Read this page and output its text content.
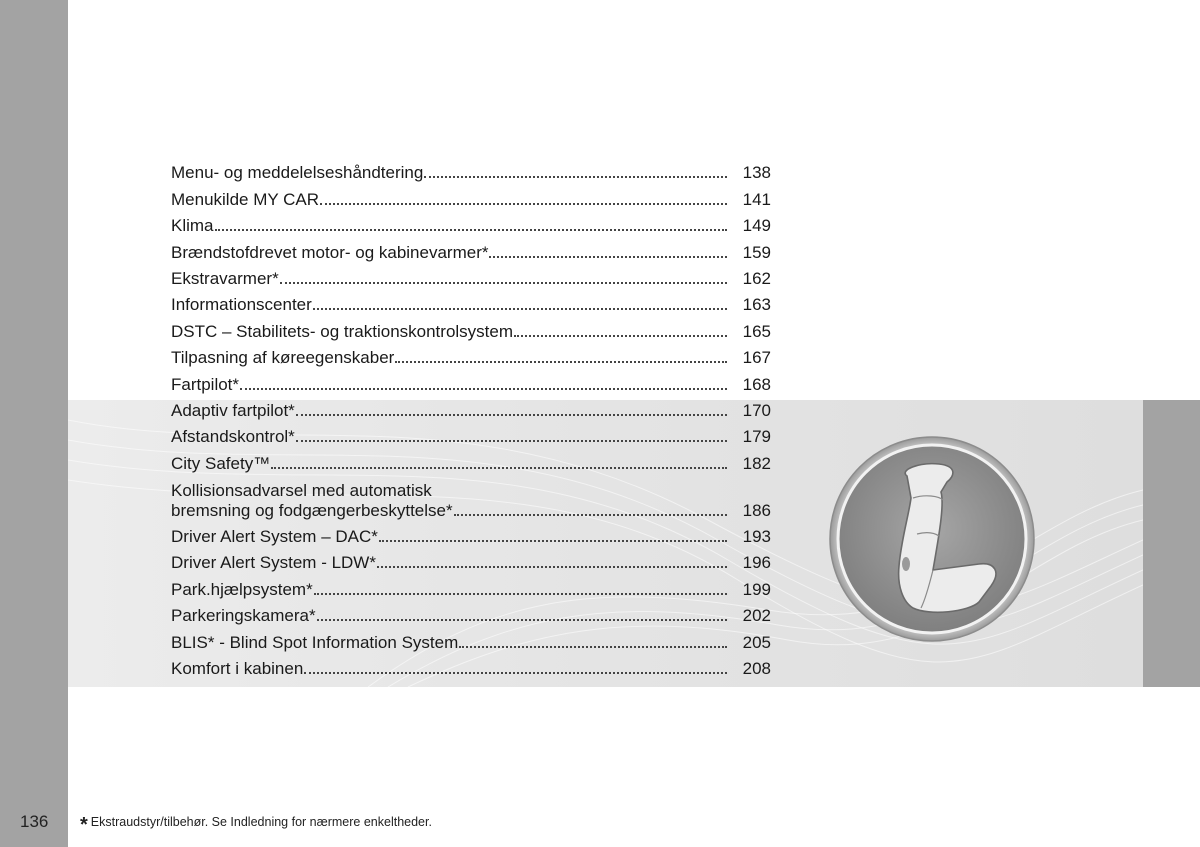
Menu- og meddelelseshåndtering	138
Menukilde MY CAR	141
Klima	149
Brændstofdrevet motor- og kabinevarmer*	159
Ekstravarmer*	162
Informationscenter	163
DSTC – Stabilitets- og traktionskontrolsystem	165
Tilpasning af køreegenskaber	167
Fartpilot*	168
Adaptiv fartpilot*	170
Afstandskontrol*	179
City Safety™	182
Kollisionsadvarsel med automatisk
bremsning og fodgængerbeskyttelse*	186
Driver Alert System – DAC*	193
Driver Alert System - LDW*	196
Park.hjælpsystem*	199
Parkeringskamera*	202
BLIS* - Blind Spot Information System	205
Komfort i kabinen	208
136 * Ekstraudstyr/tilbehør. Se Indledning for nærmere enkeltheder.
